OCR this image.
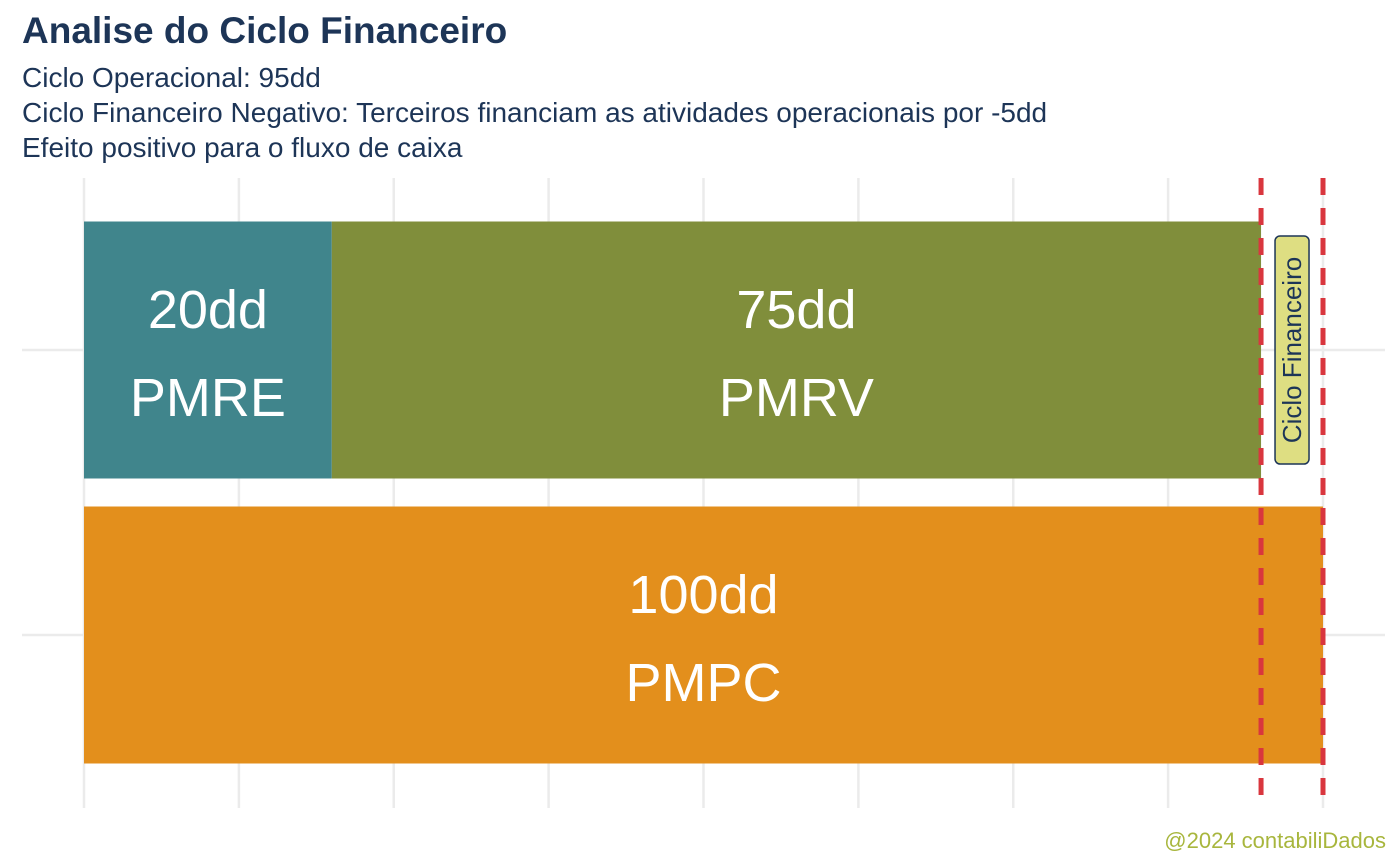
Analise do Ciclo Financeiro
Ciclo Operacional: 95dd
Ciclo Financeiro Negativo: Terceiros financiam as atividades operacionais por -5dd
Efeito positivo para o fluxo de caixa
20dd
PMRE
75dd
PMRV
100dd
PMPC
Ciclo Financeiro
@2024 contabiliDados
